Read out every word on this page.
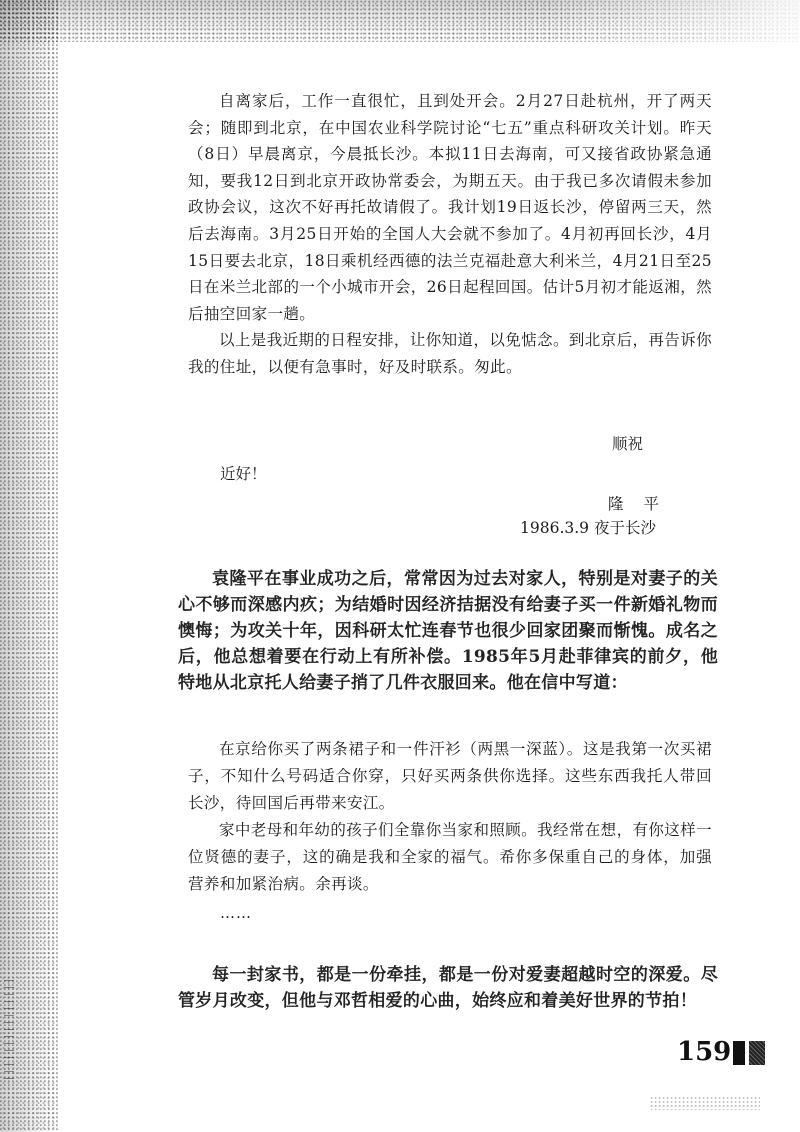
自离家后，工作一直很忙，且到处开会。2月27日赴杭州，开了两天会；随即到北京，在中国农业科学院讨论“七五”重点科研攻关计划。昨天（8日）早晨离京，今晨抵长沙。本拟11日去海南，可又接省政协紧急通知，要我12日到北京开政协常委会，为期五天。由于我已多次请假未参加政协会议，这次不好再托故请假了。我计划19日返长沙，停留两三天，然后去海南。3月25日开始的全国人大会就不参加了。4月初再回长沙，4月15日要去北京，18日乘机经西德的法兰克福赴意大利米兰，4月21日至25日在米兰北部的一个小城市开会，26日起程回国。估计5月初才能返湘，然后抽空回家一趟。

以上是我近期的日程安排，让你知道，以免惦念。到北京后，再告诉你我的住址，以便有急事时，好及时联系。匆此。

顺祝
近好！
隆平
1986.3.9 夜于长沙

袁隆平在事业成功之后，常常因为过去对家人，特别是对妻子的关心不够而深感内疚；为结婚时因经济拮据没有给妻子买一件新婚礼物而懊悔；为攻关十年，因科研太忙连春节也很少回家团聚而惭愧。成名之后，他总想着要在行动上有所补偿。1985年5月赴菲律宾的前夕，他特地从北京托人给妻子捎了几件衣服回来。他在信中写道：

在京给你买了两条裙子和一件汗衫（两黑一深蓝）。这是我第一次买裙子，不知什么号码适合你穿，只好买两条供你选择。这些东西我托人带回长沙，待回国后再带来安江。

家中老母和年幼的孩子们全靠你当家和照顾。我经常在想，有你这样一位贤德的妻子，这的确是我和全家的福气。希你多保重自己的身体，加强营养和加紧治病。余再谈。

……

每一封家书，都是一份牵挂，都是一份对爱妻超越时空的深爱。尽管岁月改变，但他与邓哲相爱的心曲，始终应和着美好世界的节拍！

159
